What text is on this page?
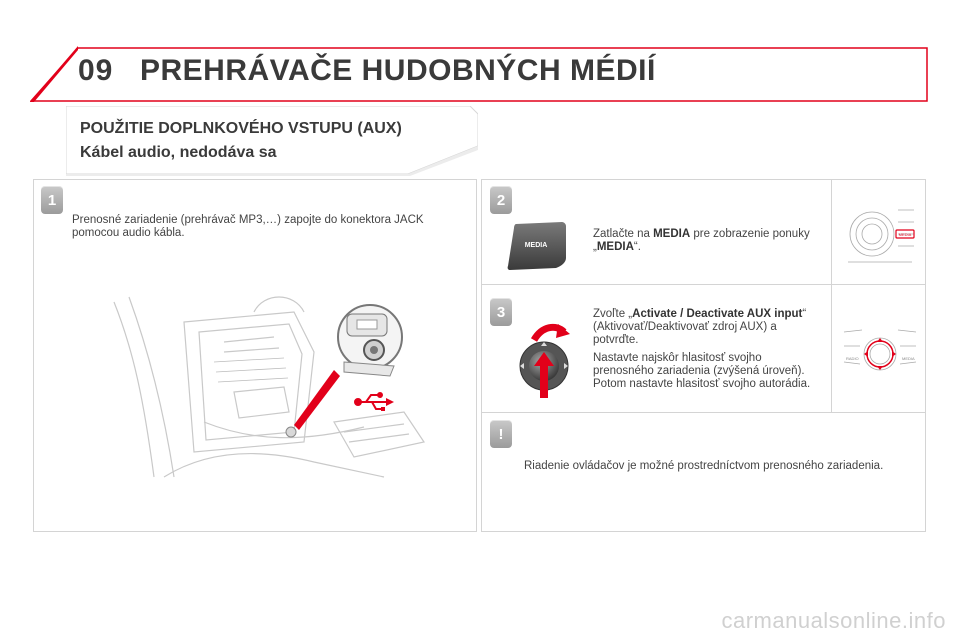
09 PREHRÁVAČE HUDOBNÝCH MÉDIÍ
POUŽITIE DOPLNKOVÉHO VSTUPU (AUX)
Kábel audio, nedodáva sa
1
Prenosné zariadenie (prehrávač MP3,…) zapojte do konektora JACK pomocou audio kábla.
2
MEDIA
Zatlačte na MEDIA pre zobrazenie ponuky „MEDIA“.
MEDIA
3	Zvoľte „Activate / Deactivate AUX input“ (Aktivovať/Deaktivovať zdroj AUX) a potvrďte.
Nastavte najskôr hlasitosť svojho prenosného zariadenia (zvýšená úroveň). Potom nastavte hlasitosť svojho autorádia.
RADIO	MEDIA
!
Riadenie ovládačov je možné prostredníctvom prenosného zariadenia.
carmanualsonline.info
